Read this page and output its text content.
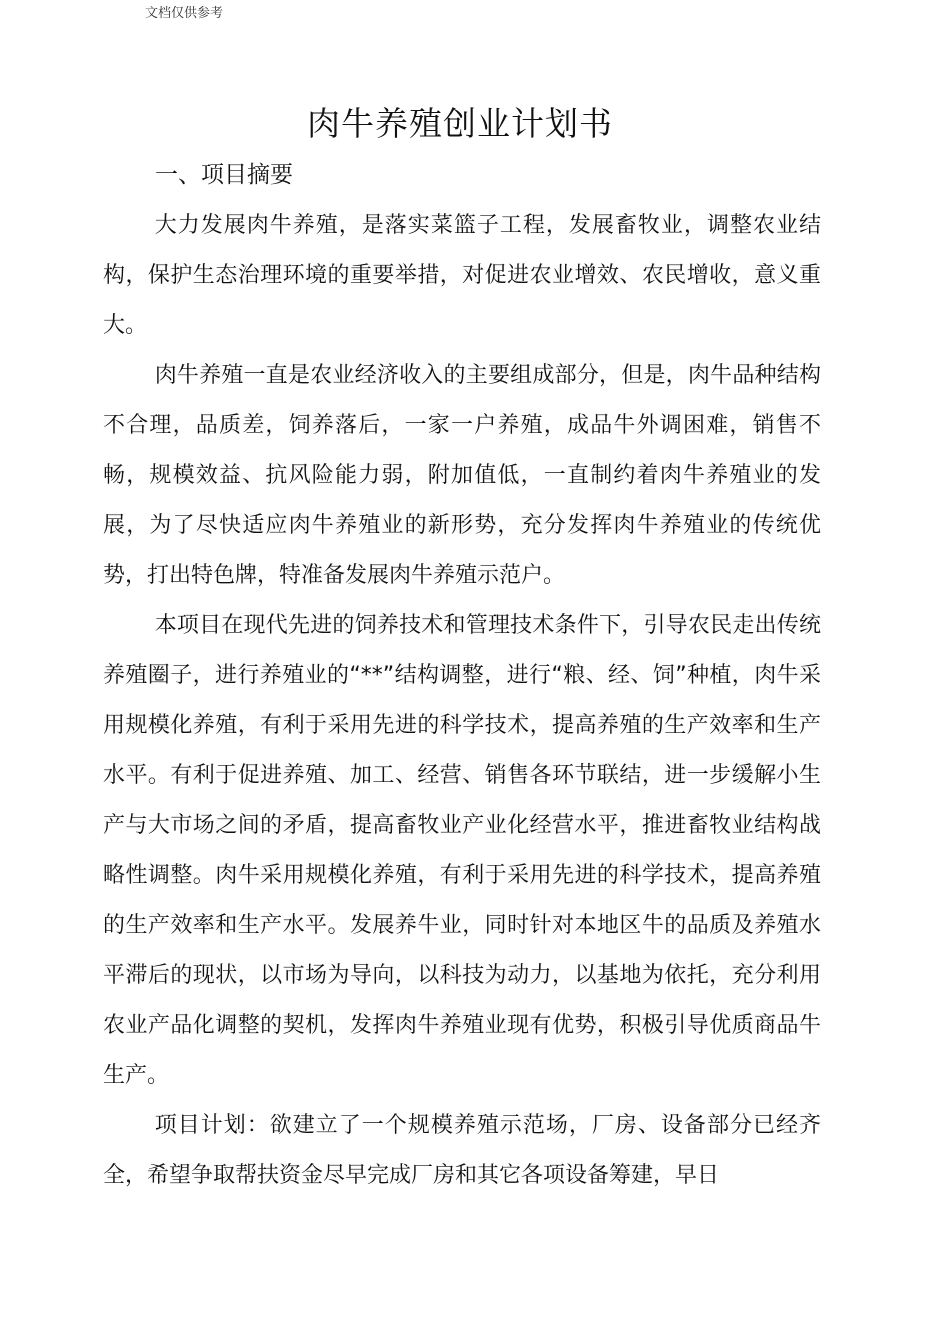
文档仅供参考
肉牛养殖创业计划书
一、项目摘要

大力发展肉牛养殖，是落实菜篮子工程，发展畜牧业，调整农业结构，保护生态治理环境的重要举措，对促进农业增效、农民增收，意义重大。

肉牛养殖一直是农业经济收入的主要组成部分，但是，肉牛品种结构不合理，品质差，饲养落后，一家一户养殖，成品牛外调困难，销售不畅，规模效益、抗风险能力弱，附加值低，一直制约着肉牛养殖业的发展，为了尽快适应肉牛养殖业的新形势，充分发挥肉牛养殖业的传统优势，打出特色牌，特准备发展肉牛养殖示范户。

本项目在现代先进的饲养技术和管理技术条件下，引导农民走出传统养殖圈子，进行养殖业的“**”结构调整，进行“粮、经、饲”种植，肉牛采用规模化养殖，有利于采用先进的科学技术，提高养殖的生产效率和生产水平。有利于促进养殖、加工、经营、销售各环节联结，进一步缓解小生产与大市场之间的矛盾，提高畜牧业产业化经营水平，推进畜牧业结构战略性调整。肉牛采用规模化养殖，有利于采用先进的科学技术，提高养殖的生产效率和生产水平。发展养牛业，同时针对本地区牛的品质及养殖水平滞后的现状，以市场为导向，以科技为动力，以基地为依托，充分利用农业产品化调整的契机，发挥肉牛养殖业现有优势，积极引导优质商品牛生产。

项目计划：欲建立了一个规模养殖示范场，厂房、设备部分已经齐全，希望争取帮扶资金尽早完成厂房和其它各项设备筹建，早日
